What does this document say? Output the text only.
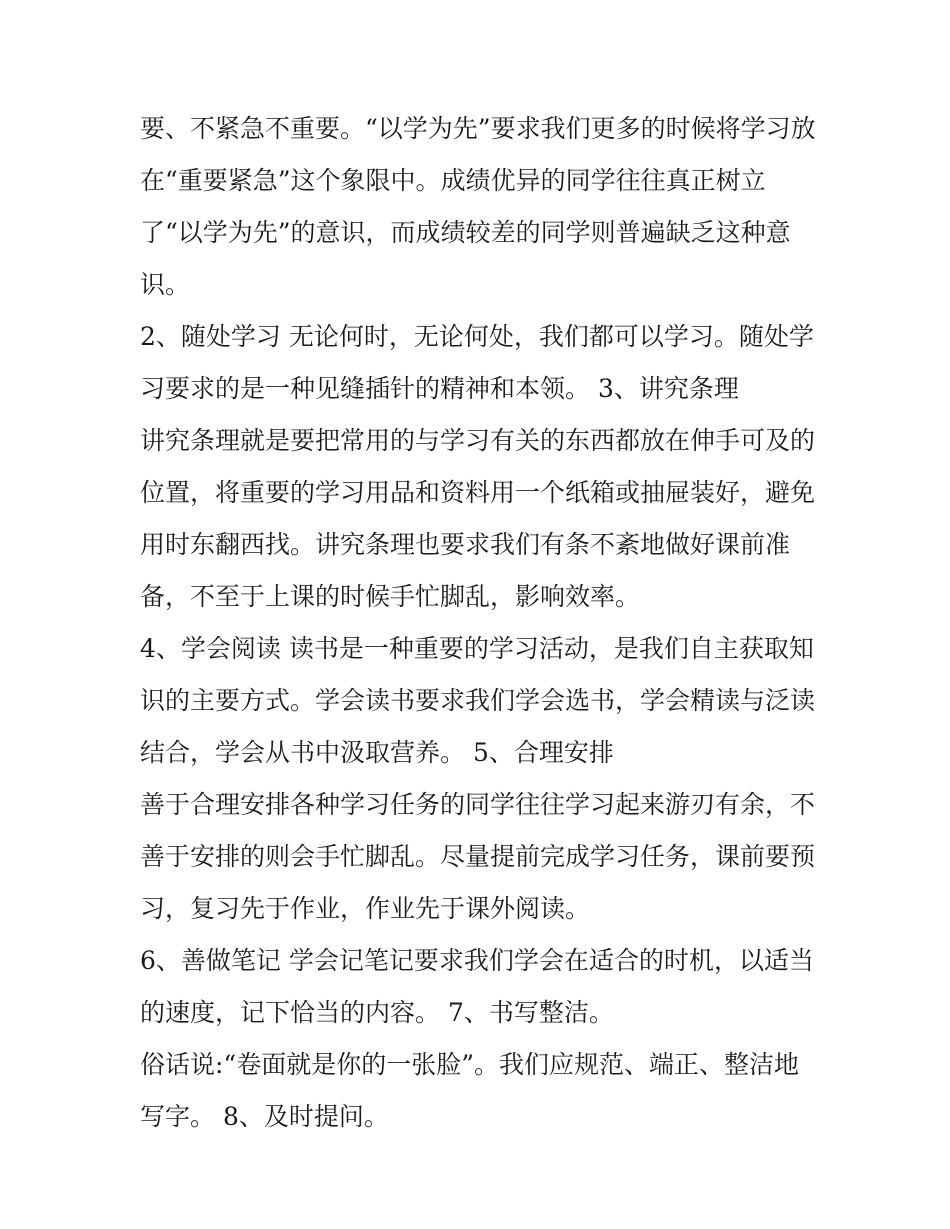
要、不紧急不重要。“以学为先”要求我们更多的时候将学习放
在“重要紧急”这个象限中。成绩优异的同学往往真正树立
了“以学为先”的意识，而成绩较差的同学则普遍缺乏这种意
识。
2、随处学习 无论何时，无论何处，我们都可以学习。随处学
习要求的是一种见缝插针的精神和本领。 3、讲究条理
讲究条理就是要把常用的与学习有关的东西都放在伸手可及的
位置，将重要的学习用品和资料用一个纸箱或抽屉装好，避免
用时东翻西找。讲究条理也要求我们有条不紊地做好课前准
备，不至于上课的时候手忙脚乱，影响效率。
4、学会阅读 读书是一种重要的学习活动，是我们自主获取知
识的主要方式。学会读书要求我们学会选书，学会精读与泛读
结合，学会从书中汲取营养。 5、合理安排
善于合理安排各种学习任务的同学往往学习起来游刃有余，不
善于安排的则会手忙脚乱。尽量提前完成学习任务，课前要预
习，复习先于作业，作业先于课外阅读。
6、善做笔记 学会记笔记要求我们学会在适合的时机，以适当
的速度，记下恰当的内容。 7、书写整洁。
俗话说:“卷面就是你的一张脸”。我们应规范、端正、整洁地
写字。 8、及时提问。
